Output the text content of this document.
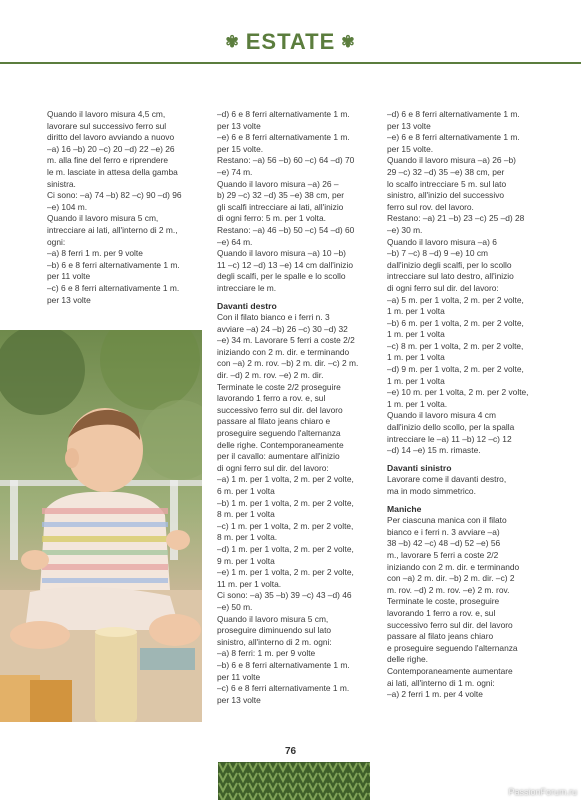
✾ ESTATE ✾

Quando il lavoro misura 4,5 cm,

lavorare sul successivo ferro sul

diritto del lavoro avviando a nuovo

–a) 16 –b) 20 –c) 20 –d) 22 –e) 26

m. alla fine del ferro e riprendere

le m. lasciate in attesa della gamba

sinistra.

Ci sono: –a) 74 –b) 82 –c) 90 –d) 96

–e) 104 m.

Quando il lavoro misura 5 cm,

intrecciare ai lati, all'interno di 2 m.,

ogni:

–a) 8 ferri 1 m. per 9 volte

–b) 6 e 8 ferri alternativamente 1 m.

per 11 volte

–c) 6 e 8 ferri alternativamente 1 m.

per 13 volte

–d) 6 e 8 ferri alternativamente 1 m.

per 13 volte

–e) 6 e 8 ferri alternativamente 1 m.

per 15 volte.

Restano: –a) 56 –b) 60 –c) 64 –d) 70

–e) 74 m.

Quando il lavoro misura –a) 26 –

b) 29 –c) 32 –d) 35 –e) 38 cm, per

gli scalfi intrecciare ai lati, all'inizio

di ogni ferro: 5 m. per 1 volta.

Restano: –a) 46 –b) 50 –c) 54 –d) 60

–e) 64 m.

Quando il lavoro misura –a) 10 –b)

11 –c) 12 –d) 13 –e) 14 cm dall'inizio

degli scalfi, per le spalle e lo scollo

intrecciare le m.

Davanti destro

Con il filato bianco e i ferri n. 3

avviare –a) 24 –b) 26 –c) 30 –d) 32

–e) 34 m. Lavorare 5 ferri a coste 2/2

iniziando con 2 m. dir. e terminando

con –a) 2 m. rov. –b) 2 m. dir. –c) 2 m.

dir. –d) 2 m. rov. –e) 2 m. dir.

Terminate le coste 2/2 proseguire

lavorando 1 ferro a rov. e, sul

successivo ferro sul dir. del lavoro

passare al filato jeans chiaro e

proseguire seguendo l'alternanza

delle righe. Contemporaneamente

per il cavallo: aumentare all'inizio

di ogni ferro sul dir. del lavoro:

–a) 1 m. per 1 volta, 2 m. per 2 volte,

6 m. per 1 volta

–b) 1 m. per 1 volta, 2 m. per 2 volte,

8 m. per 1 volta

–c) 1 m. per 1 volta, 2 m. per 2 volte,

8 m. per 1 volta.

–d) 1 m. per 1 volta, 2 m. per 2 volte,

9 m. per 1 volta

–e) 1 m. per 1 volta, 2 m. per 2 volte,

11 m. per 1 volta.

Ci sono: –a) 35 –b) 39 –c) 43 –d) 46

–e) 50 m.

Quando il lavoro misura 5 cm,

proseguire diminuendo sul lato

sinistro, all'interno di 2 m. ogni:

–a) 8 ferri: 1 m. per 9 volte

–b) 6 e 8 ferri alternativamente 1 m.

per 11 volte

–c) 6 e 8 ferri alternativamente 1 m.

per 13 volte

–d) 6 e 8 ferri alternativamente 1 m.

per 13 volte

–e) 6 e 8 ferri alternativamente 1 m.

per 15 volte.

Quando il lavoro misura –a) 26 –b)

29 –c) 32 –d) 35 –e) 38 cm, per

lo scalfo intrecciare 5 m. sul lato

sinistro, all'inizio del successivo

ferro sul rov. del lavoro.

Restano: –a) 21 –b) 23 –c) 25 –d) 28

–e) 30 m.

Quando il lavoro misura –a) 6

–b) 7 –c) 8 –d) 9 –e) 10 cm

dall'inizio degli scalfi, per lo scollo

intrecciare sul lato destro, all'inizio

di ogni ferro sul dir. del lavoro:

–a) 5 m. per 1 volta, 2 m. per 2 volte,

1 m. per 1 volta

–b) 6 m. per 1 volta, 2 m. per 2 volte,

1 m. per 1 volta

–c) 8 m. per 1 volta, 2 m. per 2 volte,

1 m. per 1 volta

–d) 9 m. per 1 volta, 2 m. per 2 volte,

1 m. per 1 volta

–e) 10 m. per 1 volta, 2 m. per 2 volte,

1 m. per 1 volta.

Quando il lavoro misura 4 cm

dall'inizio dello scollo, per la spalla

intrecciare le –a) 11 –b) 12 –c) 12

–d) 14 –e) 15 m. rimaste.

Davanti sinistro

Lavorare come il davanti destro,

ma in modo simmetrico.

Maniche

Per ciascuna manica con il filato

bianco e i ferri n. 3 avviare –a)

38 –b) 42 –c) 48 –d) 52 –e) 56

m., lavorare 5 ferri a coste 2/2

iniziando con 2 m. dir. e terminando

con –a) 2 m. dir. –b) 2 m. dir. –c) 2

m. rov. –d) 2 m. rov. –e) 2 m. rov.

Terminate le coste, proseguire

lavorando 1 ferro a rov. e, sul

successivo ferro sul dir. del lavoro

passare al filato jeans chiaro

e proseguire seguendo l'alternanza

delle righe.

Contemporaneamente aumentare

ai lati, all'interno di 1 m. ogni:

–a) 2 ferri 1 m. per 4 volte

76
PassionForum.ru
